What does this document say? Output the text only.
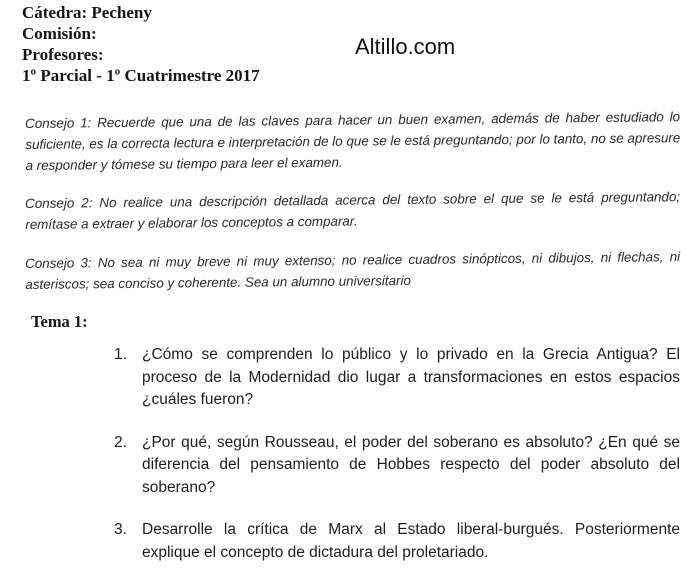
Cátedra: Pecheny
Comisión:
Profesores:
1º Parcial - 1º Cuatrimestre 2017
Altillo.com

Consejo 1: Recuerde que una de las claves para hacer un buen examen, además de haber estudiado lo suficiente, es la correcta lectura e interpretación de lo que se le está preguntando; por lo tanto, no se apresure a responder y tómese su tiempo para leer el examen.

Consejo 2: No realice una descripción detallada acerca del texto sobre el que se le está preguntando; remítase a extraer y elaborar los conceptos a comparar.

Consejo 3: No sea ni muy breve ni muy extenso; no realice cuadros sinópticos, ni dibujos, ni flechas, ni asteriscos; sea conciso y coherente. Sea un alumno universitario

Tema 1:
1. ¿Cómo se comprenden lo público y lo privado en la Grecia Antigua? El proceso de la Modernidad dio lugar a transformaciones en estos espacios ¿cuáles fueron?
2. ¿Por qué, según Rousseau, el poder del soberano es absoluto? ¿En qué se diferencia del pensamiento de Hobbes respecto del poder absoluto del soberano?
3. Desarrolle la crítica de Marx al Estado liberal-burgués. Posteriormente explique el concepto de dictadura del proletariado.
